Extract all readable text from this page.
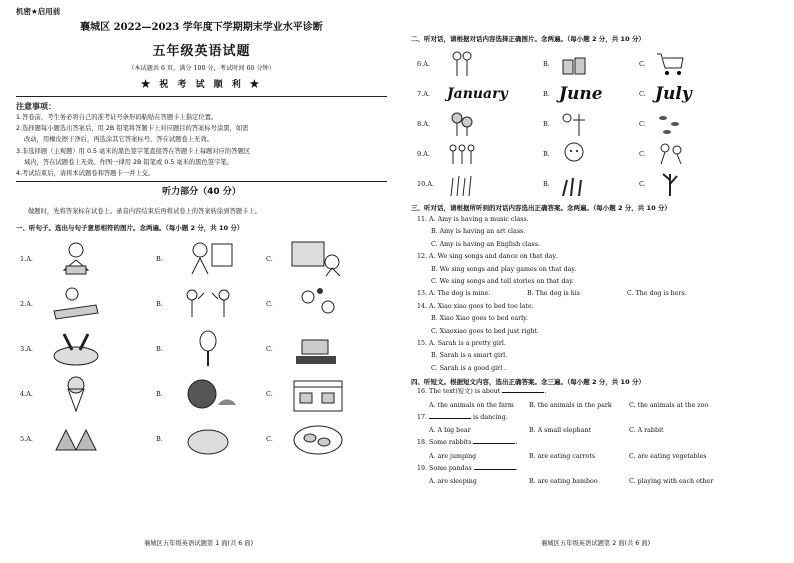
机密★启用前
襄城区 2022—2023 学年度下学期期末学业水平诊断
五年级英语试题
（本试题共 6 页，满分 100 分，考试时间 60 分钟）
★ 祝 考 试 顺 利 ★
注意事项：
1.答卷前，考生务必将自己的准考证号条形码粘贴在答题卡上指定位置。
2.选择题每小题选出答案后，用 2B 铅笔将答题卡上对应题目的答案标号涂黑，如需
改动，用橡皮擦干净后，再选涂其它答案标号，答在试题卷上无效。
3.非选择题（主观题）用 0.5 毫米的黑色签字笔直接答在答题卡上每题对应的答题区
域内，答在试题卷上无效。作图一律用 2B 铅笔或 0.5 毫米的黑色签字笔。
4.考试结束后，请将本试题卷和答题卡一并上交。
听力部分（40 分）
做题时，先将答案标在试卷上。录音内容结束后再将试卷上的答案转涂到答题卡上。
一、听句子。选出与句子意思相符的图片。念两遍。（每小题 2 分，共 10 分）
1.A.	B.	C.
2.A.	B.	C.
3.A.	B.	C.
4.A.	B.	C.
5.A.	B.	C.
襄城区五年级英语试题第 1 面(共 6 面)
二、听对话，请根据对话内容选择正确图片。念两遍。（每小题 2 分，共 10 分）
6.A.	B.	C.
7.A.	January	B. June	C. July
8.A.	B.	C.
9.A.	B.	C.
10.A.	B.	C.
三、听对话，请根据所听到的对话内容选出正确答案。念两遍。（每小题 2 分，共 10 分）
11. A. Amy is having a music class.
B. Amy is having an art class.
C. Amy is having an English class.
12. A. We sing songs and dance on that day.
B. We sing songs and play games on that day.
C. We sing songs and tell stories on that day.
13. A. The dog is mine.	B. The dog is his	C. The dog is hers.
14. A. Xiao xiao goes to bed too late.
B. Xiao Xiao goes to bed early.
C. Xiaoxiao goes to bed just right.
15. A. Sarah is a pretty girl.
B. Sarah is a smart girl.
C. Sarah is a good girl .
四、听短文。根据短文内容，选出正确答案。念三遍。（每小题 2 分，共 10 分）
16. The text(短文) is about	.
A. the animals on the farm	B. the animals in the park	C. the animals at the zoo
17.	is dancing.
A. A big bear	B. A small elephant	C. A rabbit
18. Some rabbits	.
A. are jumping	B. are eating carrots	C. are eating vegetables
19. Some pandas	.
A. are sleeping	B. are eating bamboo	C. playing with each other
襄城区五年级英语试题第 2 面(共 6 面)
